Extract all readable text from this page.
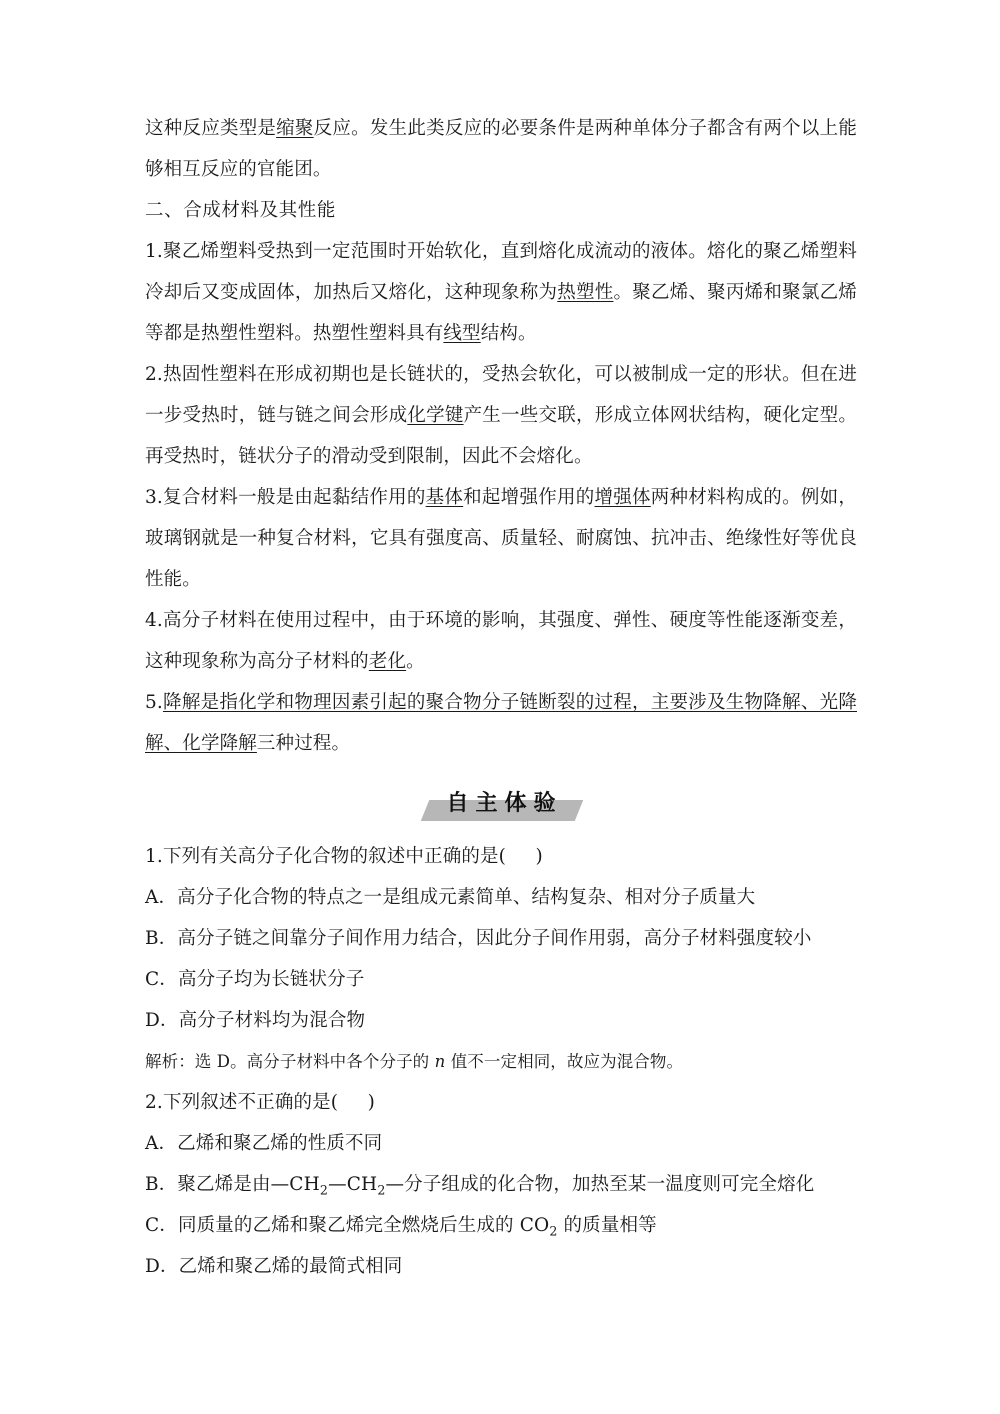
这种反应类型是缩聚反应。发生此类反应的必要条件是两种单体分子都含有两个以上能够相互反应的官能团。

二、合成材料及其性能

1.聚乙烯塑料受热到一定范围时开始软化，直到熔化成流动的液体。熔化的聚乙烯塑料冷却后又变成固体，加热后又熔化，这种现象称为热塑性。聚乙烯、聚丙烯和聚氯乙烯等都是热塑性塑料。热塑性塑料具有线型结构。

2.热固性塑料在形成初期也是长链状的，受热会软化，可以被制成一定的形状。但在进一步受热时，链与链之间会形成化学键产生一些交联，形成立体网状结构，硬化定型。再受热时，链状分子的滑动受到限制，因此不会熔化。

3.复合材料一般是由起黏结作用的基体和起增强作用的增强体两种材料构成的。例如，玻璃钢就是一种复合材料，它具有强度高、质量轻、耐腐蚀、抗冲击、绝缘性好等优良性能。

4.高分子材料在使用过程中，由于环境的影响，其强度、弹性、硬度等性能逐渐变差，这种现象称为高分子材料的老化。

5.降解是指化学和物理因素引起的聚合物分子链断裂的过程，主要涉及生物降解、光降解、化学降解三种过程。

自主体验

1.下列有关高分子化合物的叙述中正确的是( )

A．高分子化合物的特点之一是组成元素简单、结构复杂、相对分子质量大

B．高分子链之间靠分子间作用力结合，因此分子间作用弱，高分子材料强度较小

C．高分子均为长链状分子

D．高分子材料均为混合物

解析：选 D。高分子材料中各个分子的 n 值不一定相同，故应为混合物。

2.下列叙述不正确的是( )

A．乙烯和聚乙烯的性质不同

B．聚乙烯是由$—CH_2—CH_2—$分子组成的化合物，加热至某一温度则可完全熔化

C．同质量的乙烯和聚乙烯完全燃烧后生成的 $CO_2$ 的质量相等

D．乙烯和聚乙烯的最简式相同
